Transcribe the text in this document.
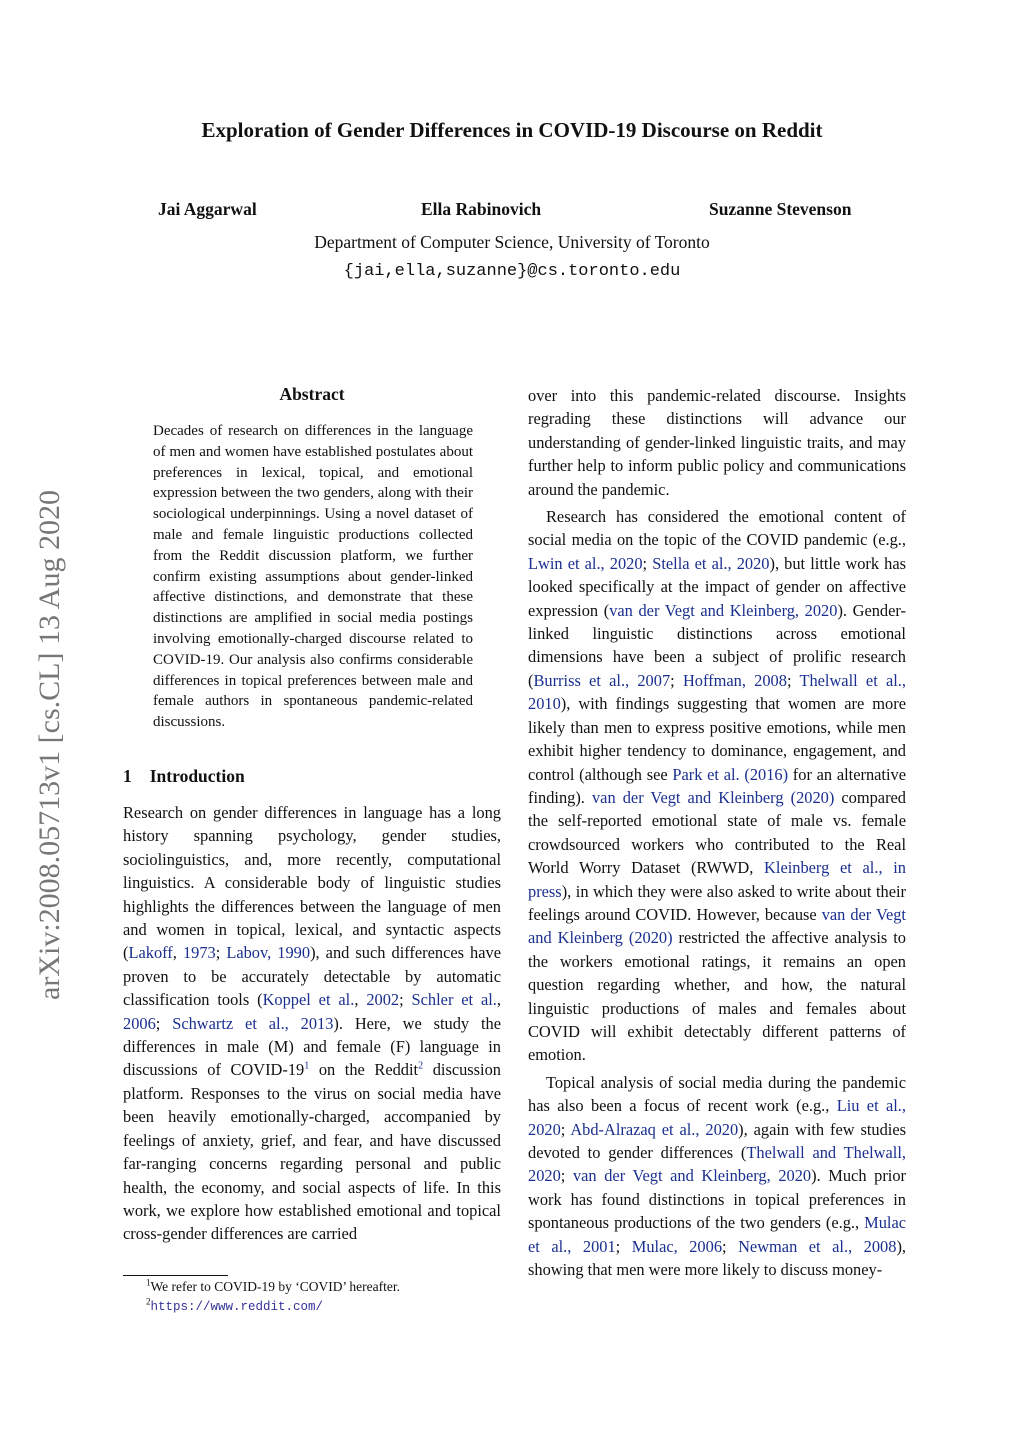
Exploration of Gender Differences in COVID-19 Discourse on Reddit
Jai Aggarwal	Ella Rabinovich	Suzanne Stevenson
Department of Computer Science, University of Toronto
{jai,ella,suzanne}@cs.toronto.edu
arXiv:2008.05713v1 [cs.CL] 13 Aug 2020
Abstract

Decades of research on differences in the language of men and women have established postulates about preferences in lexical, topical, and emotional expression between the two genders, along with their sociological underpinnings. Using a novel dataset of male and female linguistic productions collected from the Reddit discussion platform, we further confirm existing assumptions about gender-linked affective distinctions, and demonstrate that these distinctions are amplified in social media postings involving emotionally-charged discourse related to COVID-19. Our analysis also confirms considerable differences in topical preferences between male and female authors in spontaneous pandemic-related discussions.

1 Introduction

Research on gender differences in language has a long history spanning psychology, gender studies, sociolinguistics, and, more recently, computational linguistics. A considerable body of linguistic studies highlights the differences between the language of men and women in topical, lexical, and syntactic aspects (Lakoff, 1973; Labov, 1990), and such differences have proven to be accurately detectable by automatic classification tools (Koppel et al., 2002; Schler et al., 2006; Schwartz et al., 2013). Here, we study the differences in male (M) and female (F) language in discussions of COVID-19$^1$ on the Reddit$^2$ discussion platform. Responses to the virus on social media have been heavily emotionally-charged, accompanied by feelings of anxiety, grief, and fear, and have discussed far-ranging concerns regarding personal and public health, the economy, and social aspects of life. In this work, we explore how established emotional and topical cross-gender differences are carried

$^1$We refer to COVID-19 by ‘COVID’ hereafter.
$^2$https://www.reddit.com/

over into this pandemic-related discourse. Insights regrading these distinctions will advance our understanding of gender-linked linguistic traits, and may further help to inform public policy and communications around the pandemic.

Research has considered the emotional content of social media on the topic of the COVID pandemic (e.g., Lwin et al., 2020; Stella et al., 2020), but little work has looked specifically at the impact of gender on affective expression (van der Vegt and Kleinberg, 2020). Gender-linked linguistic distinctions across emotional dimensions have been a subject of prolific research (Burriss et al., 2007; Hoffman, 2008; Thelwall et al., 2010), with findings suggesting that women are more likely than men to express positive emotions, while men exhibit higher tendency to dominance, engagement, and control (although see Park et al. (2016) for an alternative finding). van der Vegt and Kleinberg (2020) compared the self-reported emotional state of male vs. female crowdsourced workers who contributed to the Real World Worry Dataset (RWWD, Kleinberg et al., in press), in which they were also asked to write about their feelings around COVID. However, because van der Vegt and Kleinberg (2020) restricted the affective analysis to the workers emotional ratings, it remains an open question regarding whether, and how, the natural linguistic productions of males and females about COVID will exhibit detectably different patterns of emotion.

Topical analysis of social media during the pandemic has also been a focus of recent work (e.g., Liu et al., 2020; Abd-Alrazaq et al., 2020), again with few studies devoted to gender differences (Thelwall and Thelwall, 2020; van der Vegt and Kleinberg, 2020). Much prior work has found distinctions in topical preferences in spontaneous productions of the two genders (e.g., Mulac et al., 2001; Mulac, 2006; Newman et al., 2008), showing that men were more likely to discuss money-
